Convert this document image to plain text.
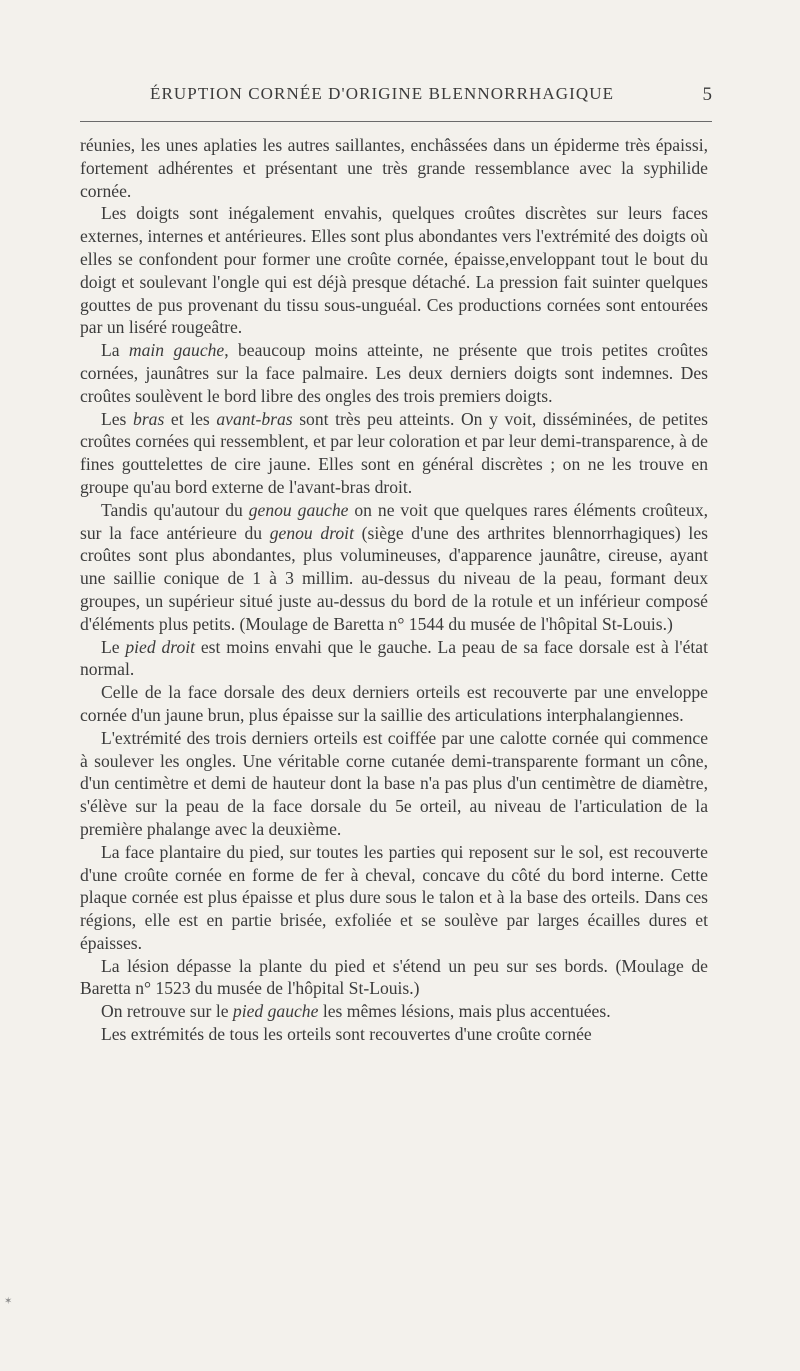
ÉRUPTION CORNÉE D'ORIGINE BLENNORRHAGIQUE	5

réunies, les unes aplaties les autres saillantes, enchâssées dans un épiderme très épaissi, fortement adhérentes et présentant une très grande ressemblance avec la syphilide cornée.

Les doigts sont inégalement envahis, quelques croûtes discrètes sur leurs faces externes, internes et antérieures. Elles sont plus abondantes vers l'extrémité des doigts où elles se confondent pour former une croûte cornée, épaisse,enveloppant tout le bout du doigt et soulevant l'ongle qui est déjà presque détaché. La pression fait suinter quelques gouttes de pus provenant du tissu sous-unguéal. Ces productions cornées sont entourées par un liséré rougeâtre.

La main gauche, beaucoup moins atteinte, ne présente que trois petites croûtes cornées, jaunâtres sur la face palmaire. Les deux derniers doigts sont indemnes. Des croûtes soulèvent le bord libre des ongles des trois premiers doigts.

Les bras et les avant-bras sont très peu atteints. On y voit, disséminées, de petites croûtes cornées qui ressemblent, et par leur coloration et par leur demi-transparence, à de fines gouttelettes de cire jaune. Elles sont en général discrètes ; on ne les trouve en groupe qu'au bord externe de l'avant-bras droit.

Tandis qu'autour du genou gauche on ne voit que quelques rares éléments croûteux, sur la face antérieure du genou droit (siège d'une des arthrites blennorrhagiques) les croûtes sont plus abondantes, plus volumineuses, d'apparence jaunâtre, cireuse, ayant une saillie conique de 1 à 3 millim. au-dessus du niveau de la peau, formant deux groupes, un supérieur situé juste au-dessus du bord de la rotule et un inférieur composé d'éléments plus petits. (Moulage de Baretta n° 1544 du musée de l'hôpital St-Louis.)

Le pied droit est moins envahi que le gauche. La peau de sa face dorsale est à l'état normal.

Celle de la face dorsale des deux derniers orteils est recouverte par une enveloppe cornée d'un jaune brun, plus épaisse sur la saillie des articulations interphalangiennes.

L'extrémité des trois derniers orteils est coiffée par une calotte cornée qui commence à soulever les ongles. Une véritable corne cutanée demi-transparente formant un cône, d'un centimètre et demi de hauteur dont la base n'a pas plus d'un centimètre de diamètre, s'élève sur la peau de la face dorsale du 5e orteil, au niveau de l'articulation de la première phalange avec la deuxième.

La face plantaire du pied, sur toutes les parties qui reposent sur le sol, est recouverte d'une croûte cornée en forme de fer à cheval, concave du côté du bord interne. Cette plaque cornée est plus épaisse et plus dure sous le talon et à la base des orteils. Dans ces régions, elle est en partie brisée, exfoliée et se soulève par larges écailles dures et épaisses.

La lésion dépasse la plante du pied et s'étend un peu sur ses bords. (Moulage de Baretta n° 1523 du musée de l'hôpital St-Louis.)

On retrouve sur le pied gauche les mêmes lésions, mais plus accentuées.

Les extrémités de tous les orteils sont recouvertes d'une croûte cornée

✶
